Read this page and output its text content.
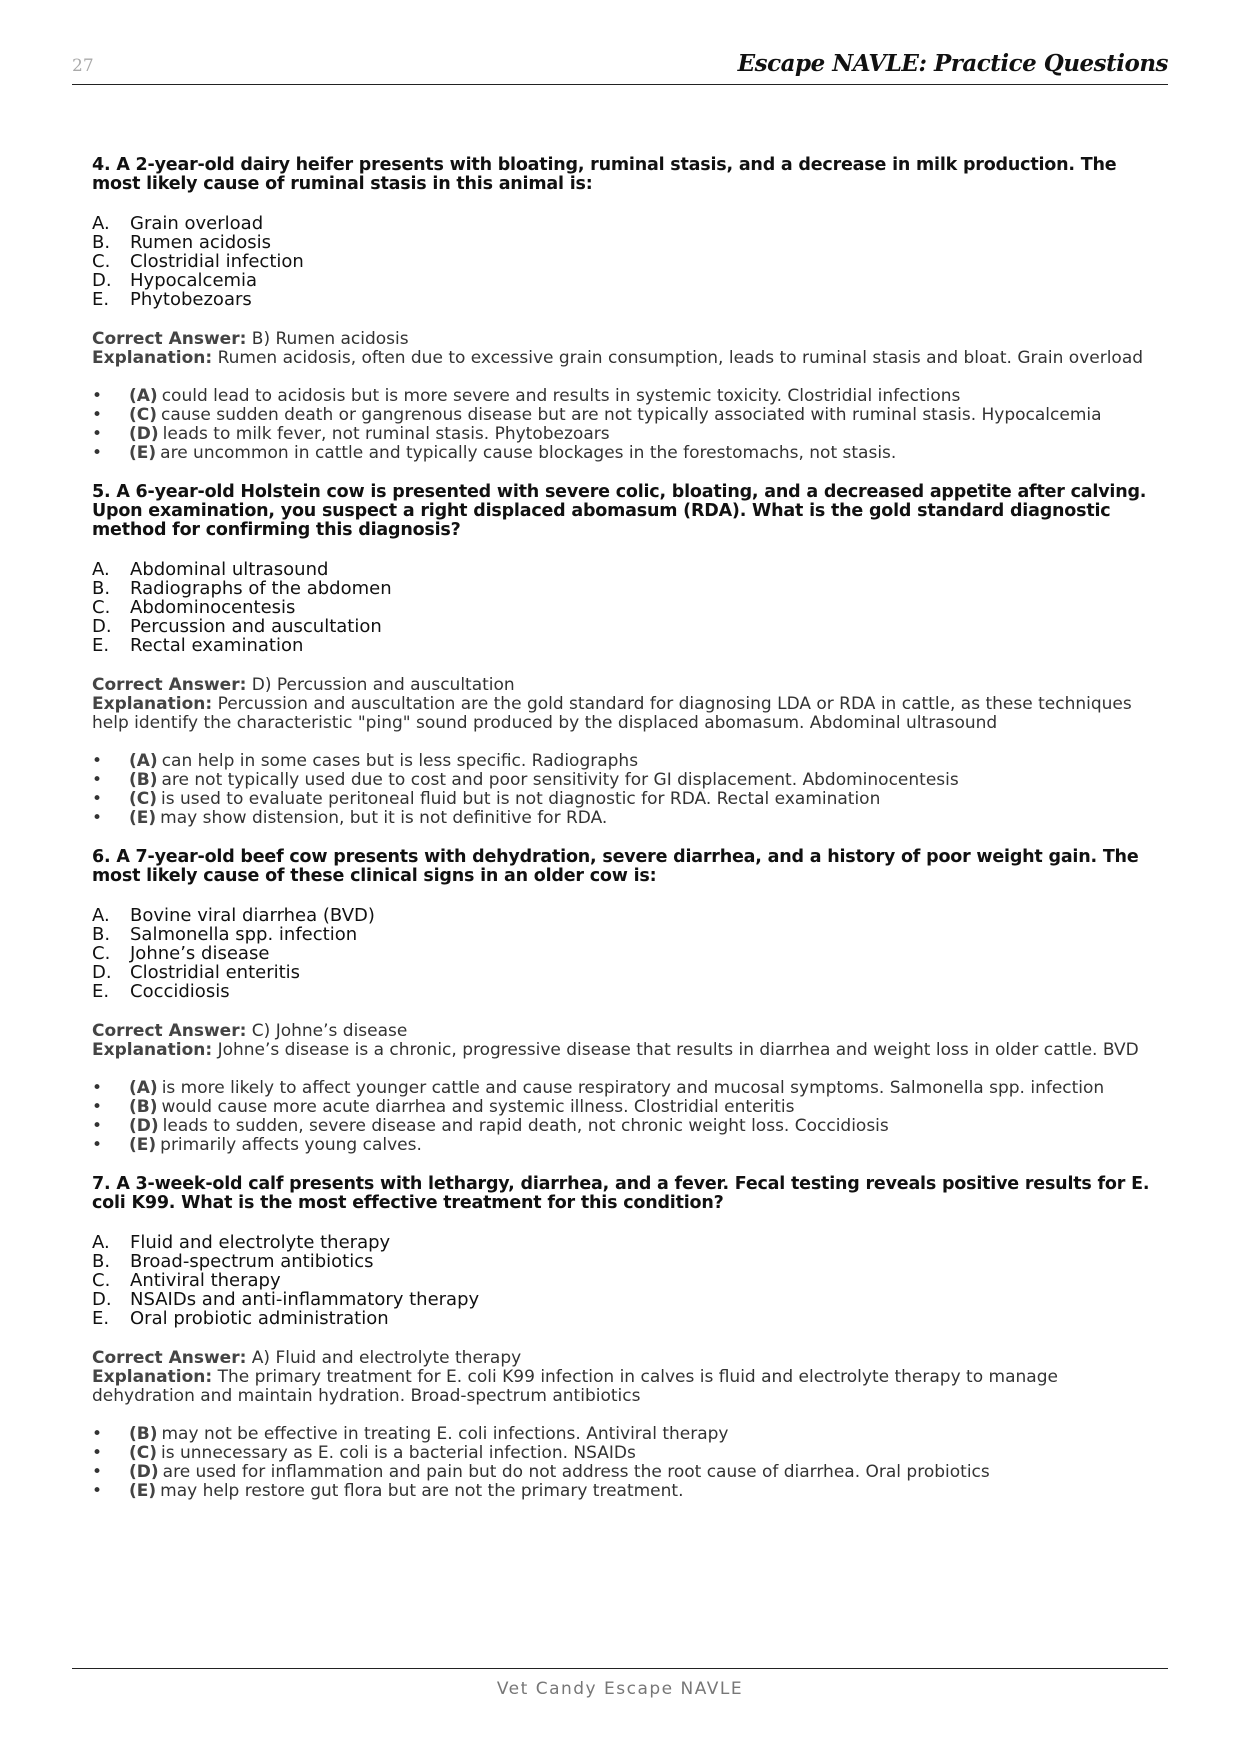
27	Escape NAVLE: Practice Questions
4. A 2-year-old dairy heifer presents with bloating, ruminal stasis, and a decrease in milk production. The most likely cause of ruminal stasis in this animal is:
A.	Grain overload
B.	Rumen acidosis
C.	Clostridial infection
D.	Hypocalcemia
E.	Phytobezoars
Correct Answer: B) Rumen acidosis
Explanation: Rumen acidosis, often due to excessive grain consumption, leads to ruminal stasis and bloat. Grain overload
•	(A) could lead to acidosis but is more severe and results in systemic toxicity. Clostridial infections
•	(C) cause sudden death or gangrenous disease but are not typically associated with ruminal stasis. Hypocalcemia
•	(D) leads to milk fever, not ruminal stasis. Phytobezoars
•	(E) are uncommon in cattle and typically cause blockages in the forestomachs, not stasis.
5. A 6-year-old Holstein cow is presented with severe colic, bloating, and a decreased appetite after calving. Upon examination, you suspect a right displaced abomasum (RDA). What is the gold standard diagnostic method for confirming this diagnosis?
A.	Abdominal ultrasound
B.	Radiographs of the abdomen
C.	Abdominocentesis
D.	Percussion and auscultation
E.	Rectal examination
Correct Answer: D) Percussion and auscultation
Explanation: Percussion and auscultation are the gold standard for diagnosing LDA or RDA in cattle, as these techniques help identify the characteristic "ping" sound produced by the displaced abomasum. Abdominal ultrasound
•	(A) can help in some cases but is less specific. Radiographs
•	(B) are not typically used due to cost and poor sensitivity for GI displacement. Abdominocentesis
•	(C) is used to evaluate peritoneal fluid but is not diagnostic for RDA. Rectal examination
•	(E) may show distension, but it is not definitive for RDA.
6. A 7-year-old beef cow presents with dehydration, severe diarrhea, and a history of poor weight gain. The most likely cause of these clinical signs in an older cow is:
A.	Bovine viral diarrhea (BVD)
B.	Salmonella spp. infection
C.	Johne’s disease
D.	Clostridial enteritis
E.	Coccidiosis
Correct Answer: C) Johne’s disease
Explanation: Johne’s disease is a chronic, progressive disease that results in diarrhea and weight loss in older cattle. BVD
•	(A) is more likely to affect younger cattle and cause respiratory and mucosal symptoms. Salmonella spp. infection
•	(B) would cause more acute diarrhea and systemic illness. Clostridial enteritis
•	(D) leads to sudden, severe disease and rapid death, not chronic weight loss. Coccidiosis
•	(E) primarily affects young calves.
7. A 3-week-old calf presents with lethargy, diarrhea, and a fever. Fecal testing reveals positive results for E. coli K99. What is the most effective treatment for this condition?
A.	Fluid and electrolyte therapy
B.	Broad-spectrum antibiotics
C.	Antiviral therapy
D.	NSAIDs and anti-inflammatory therapy
E.	Oral probiotic administration
Correct Answer: A) Fluid and electrolyte therapy
Explanation: The primary treatment for E. coli K99 infection in calves is fluid and electrolyte therapy to manage dehydration and maintain hydration. Broad-spectrum antibiotics
•	(B) may not be effective in treating E. coli infections. Antiviral therapy
•	(C) is unnecessary as E. coli is a bacterial infection. NSAIDs
•	(D) are used for inflammation and pain but do not address the root cause of diarrhea. Oral probiotics
•	(E) may help restore gut flora but are not the primary treatment.
Vet Candy Escape NAVLE
